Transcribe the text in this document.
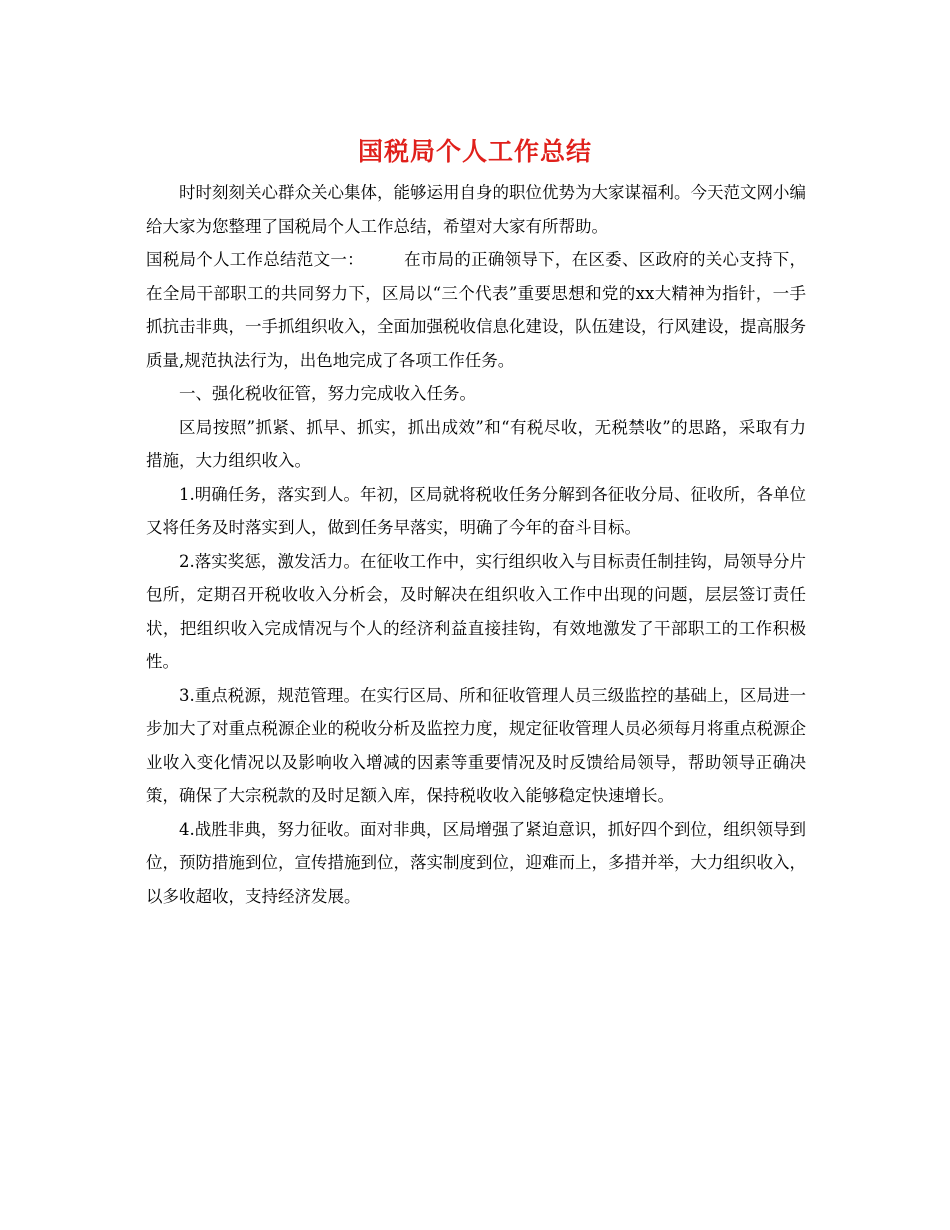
国税局个人工作总结

时时刻刻关心群众关心集体，能够运用自身的职位优势为大家谋福利。今天范文网小编给大家为您整理了国税局个人工作总结，希望对大家有所帮助。

国税局个人工作总结范文一： 在市局的正确领导下，在区委、区政府的关心支持下，在全局干部职工的共同努力下，区局以“三个代表”重要思想和党的xx大精神为指针，一手抓抗击非典，一手抓组织收入，全面加强税收信息化建设，队伍建设，行风建设，提高服务质量,规范执法行为，出色地完成了各项工作任务。

一、强化税收征管，努力完成收入任务。

区局按照”抓紧、抓早、抓实，抓出成效”和“有税尽收，无税禁收”的思路，采取有力措施，大力组织收入。

1.明确任务，落实到人。年初，区局就将税收任务分解到各征收分局、征收所，各单位又将任务及时落实到人，做到任务早落实，明确了今年的奋斗目标。

2.落实奖惩，激发活力。在征收工作中，实行组织收入与目标责任制挂钩，局领导分片包所，定期召开税收收入分析会，及时解决在组织收入工作中出现的问题，层层签订责任状，把组织收入完成情况与个人的经济利益直接挂钩，有效地激发了干部职工的工作积极性。

3.重点税源，规范管理。在实行区局、所和征收管理人员三级监控的基础上，区局进一步加大了对重点税源企业的税收分析及监控力度，规定征收管理人员必须每月将重点税源企业收入变化情况以及影响收入增减的因素等重要情况及时反馈给局领导，帮助领导正确决策，确保了大宗税款的及时足额入库，保持税收收入能够稳定快速增长。

4.战胜非典，努力征收。面对非典，区局增强了紧迫意识，抓好四个到位，组织领导到位，预防措施到位，宣传措施到位，落实制度到位，迎难而上，多措并举，大力组织收入，以多收超收，支持经济发展。
